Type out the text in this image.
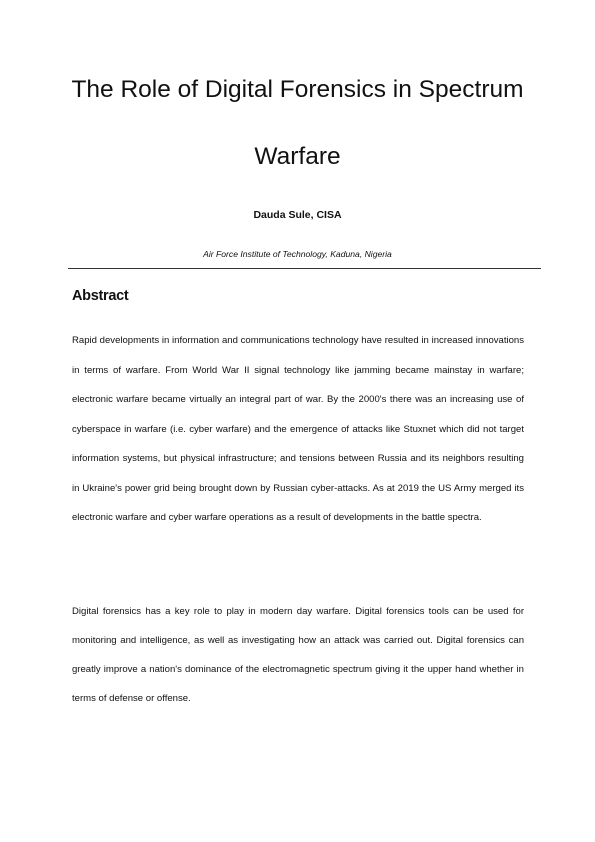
The Role of Digital Forensics in Spectrum
Warfare

Dauda Sule, CISA

Air Force Institute of Technology, Kaduna, Nigeria

Abstract

Rapid developments in information and communications technology have resulted in increased innovations in terms of warfare. From World War II signal technology like jamming became mainstay in warfare; electronic warfare became virtually an integral part of war. By the 2000's there was an increasing use of cyberspace in warfare (i.e. cyber warfare) and the emergence of attacks like Stuxnet which did not target information systems, but physical infrastructure; and tensions between Russia and its neighbors resulting in Ukraine's power grid being brought down by Russian cyber-attacks. As at 2019 the US Army merged its electronic warfare and cyber warfare operations as a result of developments in the battle spectra.

Digital forensics has a key role to play in modern day warfare. Digital forensics tools can be used for monitoring and intelligence, as well as investigating how an attack was carried out. Digital forensics can greatly improve a nation's dominance of the electromagnetic spectrum giving it the upper hand whether in terms of defense or offense.
